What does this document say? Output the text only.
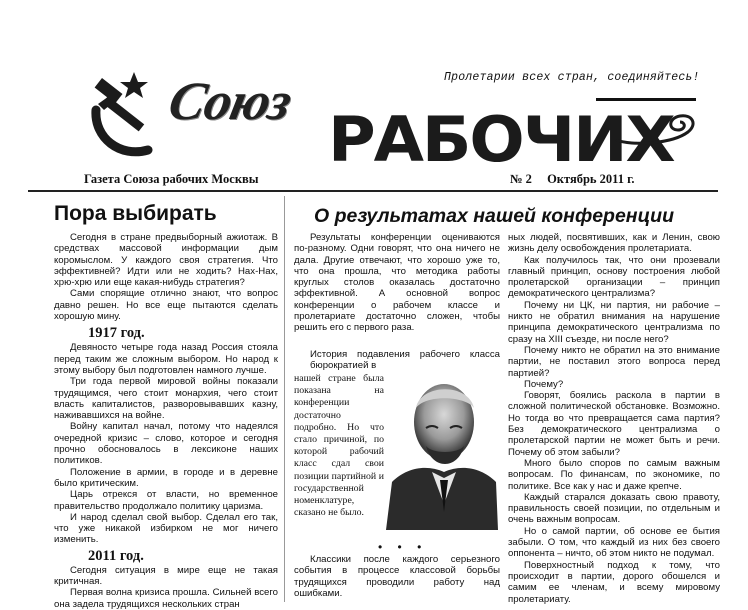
Пролетарии всех стран, соединяйтесь!
Союз
РАБОЧИХ
Газета Союза рабочих Москвы	№ 2 Октябрь 2011 г.
Пора выбирать	О результатах нашей конференции

Сегодня в стране предвыборный ажиотаж. В средствах массовой информации дым коромыслом. У каждого своя стратегия. Что эффективней? Идти или не ходить? Нах-Нах, хрю-хрю или еще какая-нибудь стратегия?

Сами спорящие отлично знают, что вопрос давно решен. Но все еще пытаются сделать хорошую мину.

1917 год.

Девяносто четыре года назад Россия стояла перед таким же сложным выбором. Но народ к этому выбору был подготовлен намного лучше.

Три года первой мировой войны показали трудящимся, чего стоит монархия, чего стоит власть капиталистов, разворовывавших казну, наживавшихся на войне.

Войну капитал начал, потому что надеялся очередной кризис – слово, которое и сегодня прочно обосновалось в лексиконе наших политиков.

Положение в армии, в городе и в деревне было критическим.

Царь отрекся от власти, но временное правительство продолжало политику царизма.

И народ сделал свой выбор. Сделал его так, что уже никакой избирком не мог ничего изменить.

2011 год.

Сегодня ситуация в мире еще не такая критичная.

Первая волна кризиса прошла. Сильней всего она задела трудящихся нескольких стран

Результаты конференции оцениваются по-разному. Одни говорят, что она ничего не дала. Другие отвечают, что хорошо уже то, что она прошла, что методика работы круглых столов оказалась достаточно эффективной. А основной вопрос конференции о рабочем классе и пролетариате достаточно сложен, чтобы решить его с первого раза.

История подавления рабочего класса бюрократией в

нашей стране была показана на конференции достаточно подробно. Но что стало причиной, по которой рабочий класс сдал свои позиции партийной и государственной номенклатуре, сказано не было.

• • •

Классики после каждого серьезного события в процессе классовой борьбы трудящихся проводили работу над ошибками.

ных людей, посвятивших, как и Ленин, свою жизнь делу освобождения пролетариата.

Как получилось так, что они прозевали главный принцип, основу построения любой пролетарской организации – принцип демократического централизма?

Почему ни ЦК, ни партия, ни рабочие – никто не обратил внимания на нарушение принципа демократического централизма по сразу на XIII съезде, ни после него?

Почему никто не обратил на это внимание партии, не поставил этого вопроса перед партией?

Почему?

Говорят, боялись раскола в партии в сложной политической обстановке. Возможно. Но тогда во что превращается сама партия? Без демократического централизма о пролетарской партии не может быть и речи. Почему об этом забыли?

Много было споров по самым важным вопросам. По финансам, по экономике, по политике. Все как у нас и даже крепче.

Каждый старался доказать свою правоту, правильность своей позиции, по отдельным и очень важным вопросам.

Но о самой партии, об основе ее бытия забыли. О том, что каждый из них без своего оппонента – ничто, об этом никто не подумал.

Поверхностный подход к тому, что происходит в партии, дорого обошелся и самим ее членам, и всему мировому пролетариату.
